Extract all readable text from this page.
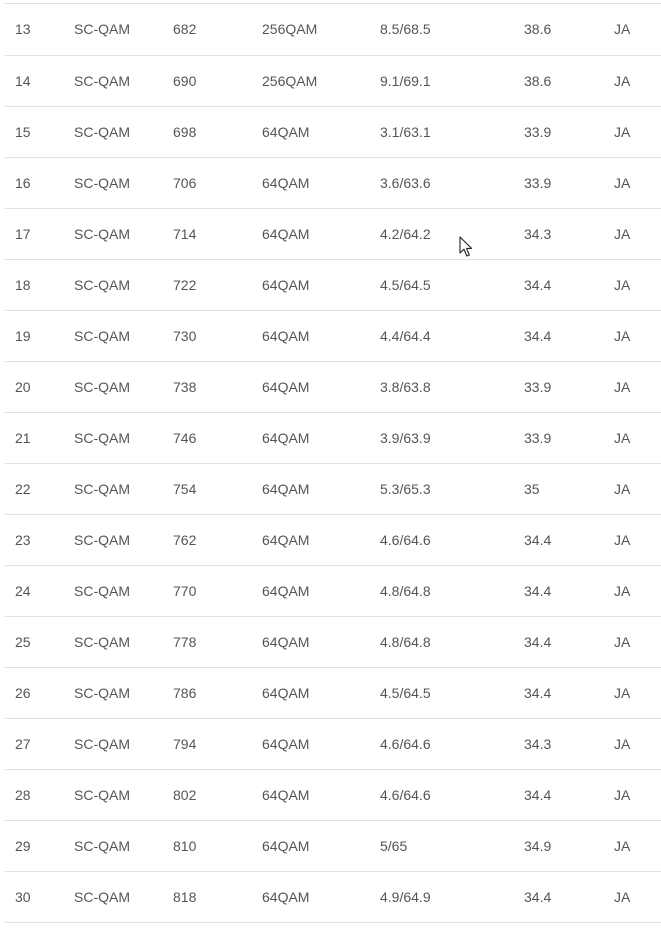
13	SC-QAM	682	256QAM	8.5/68.5	38.6	JA
14	SC-QAM	690	256QAM	9.1/69.1	38.6	JA
15	SC-QAM	698	64QAM	3.1/63.1	33.9	JA
16	SC-QAM	706	64QAM	3.6/63.6	33.9	JA
17	SC-QAM	714	64QAM	4.2/64.2	34.3	JA
18	SC-QAM	722	64QAM	4.5/64.5	34.4	JA
19	SC-QAM	730	64QAM	4.4/64.4	34.4	JA
20	SC-QAM	738	64QAM	3.8/63.8	33.9	JA
21	SC-QAM	746	64QAM	3.9/63.9	33.9	JA
22	SC-QAM	754	64QAM	5.3/65.3	35	JA
23	SC-QAM	762	64QAM	4.6/64.6	34.4	JA
24	SC-QAM	770	64QAM	4.8/64.8	34.4	JA
25	SC-QAM	778	64QAM	4.8/64.8	34.4	JA
26	SC-QAM	786	64QAM	4.5/64.5	34.4	JA
27	SC-QAM	794	64QAM	4.6/64.6	34.3	JA
28	SC-QAM	802	64QAM	4.6/64.6	34.4	JA
29	SC-QAM	810	64QAM	5/65	34.9	JA
30	SC-QAM	818	64QAM	4.9/64.9	34.4	JA
